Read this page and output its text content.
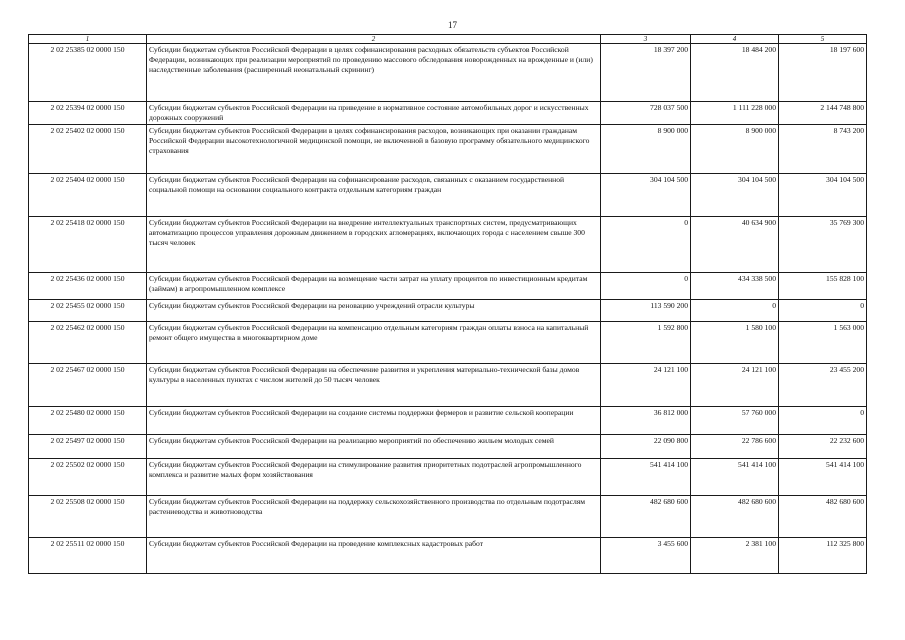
17
1	2	3	4	5
2 02 25385 02 0000 150	Субсидии бюджетам субъектов Российской Федерации в целях софинансирования расходных обязательств субъектов Российской Федерации, возникающих при реализации мероприятий по проведению массового обследования новорожденных на врожденные и (или) наследственные заболевания (расширенный неонатальный скрининг)	18 397 200	18 484 200	18 197 600
2 02 25394 02 0000 150	Субсидии бюджетам субъектов Российской Федерации на приведение в нормативное состояние автомобильных дорог и искусственных дорожных сооружений	728 037 500	1 111 228 000	2 144 748 800
2 02 25402 02 0000 150	Субсидии бюджетам субъектов Российской Федерации в целях софинансирования расходов, возникающих при оказании гражданам Российской Федерации высокотехнологичной медицинской помощи, не включенной в базовую программу обязательного медицинского страхования	8 900 000	8 900 000	8 743 200
2 02 25404 02 0000 150	Субсидии бюджетам субъектов Российской Федерации на софинансирование расходов, связанных с оказанием государственной социальной помощи на основании социального контракта отдельным категориям граждан	304 104 500	304 104 500	304 104 500
2 02 25418 02 0000 150	Субсидии бюджетам субъектов Российской Федерации на внедрение интеллектуальных транспортных систем, предусматривающих автоматизацию процессов управления дорожным движением в городских агломерациях, включающих города с населением свыше 300 тысяч человек	0	40 634 900	35 769 300
2 02 25436 02 0000 150	Субсидии бюджетам субъектов Российской Федерации на возмещение части затрат на уплату процентов по инвестиционным кредитам (займам) в агропромышленном комплексе	0	434 338 500	155 828 100
2 02 25455 02 0000 150	Субсидии бюджетам субъектов Российской Федерации на реновацию учреждений отрасли культуры	113 590 200	0	0
2 02 25462 02 0000 150	Субсидии бюджетам субъектов Российской Федерации на компенсацию отдельным категориям граждан оплаты взноса на капитальный ремонт общего имущества в многоквартирном доме	1 592 800	1 580 100	1 563 000
2 02 25467 02 0000 150	Субсидии бюджетам субъектов Российской Федерации на обеспечение развития и укрепления материально-технической базы домов культуры в населенных пунктах с числом жителей до 50 тысяч человек	24 121 100	24 121 100	23 455 200
2 02 25480 02 0000 150	Субсидии бюджетам субъектов Российской Федерации на создание системы поддержки фермеров и развитие сельской кооперации	36 812 000	57 760 000	0
2 02 25497 02 0000 150	Субсидии бюджетам субъектов Российской Федерации на реализацию мероприятий по обеспечению жильем молодых семей	22 090 800	22 786 600	22 232 600
2 02 25502 02 0000 150	Субсидии бюджетам субъектов Российской Федерации на стимулирование развития приоритетных подотраслей агропромышленного комплекса и развитие малых форм хозяйствования	541 414 100	541 414 100	541 414 100
2 02 25508 02 0000 150	Субсидии бюджетам субъектов Российской Федерации на поддержку сельскохозяйственного производства по отдельным подотраслям растениеводства и животноводства	482 680 600	482 680 600	482 680 600
2 02 25511 02 0000 150	Субсидии бюджетам субъектов Российской Федерации на проведение комплексных кадастровых работ	3 455 600	2 381 100	112 325 800
